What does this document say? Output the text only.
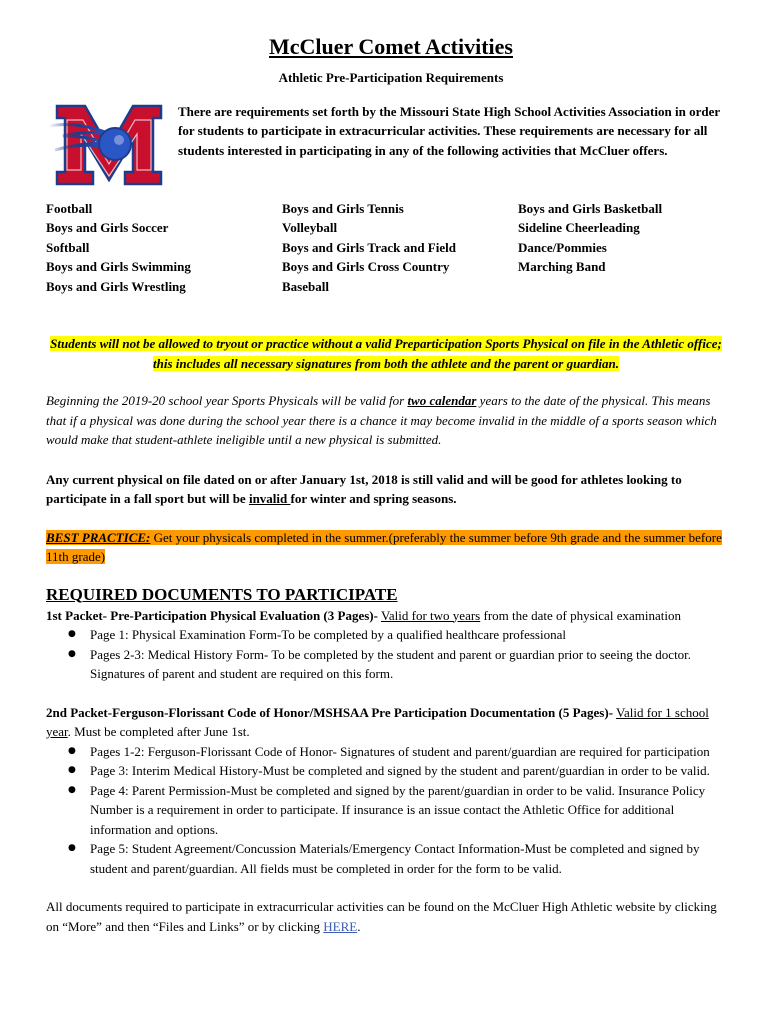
McCluer Comet Activities

Athletic Pre-Participation Requirements

There are requirements set forth by the Missouri State High School Activities Association in order for students to participate in extracurricular activities. These requirements are necessary for all students interested in participating in any of the following activities that McCluer offers.

Football
Boys and Girls Soccer
Softball
Boys and Girls Swimming
Boys and Girls Wrestling
Boys and Girls Tennis
Volleyball
Boys and Girls Track and Field
Boys and Girls Cross Country
Baseball
Boys and Girls Basketball
Sideline Cheerleading
Dance/Pommies
Marching Band

Students will not be allowed to tryout or practice without a valid Preparticipation Sports Physical on file in the Athletic office; this includes all necessary signatures from both the athlete and the parent or guardian.

Beginning the 2019-20 school year Sports Physicals will be valid for two calendar years to the date of the physical. This means that if a physical was done during the school year there is a chance it may become invalid in the middle of a sports season which would make that student-athlete ineligible until a new physical is submitted.

Any current physical on file dated on or after January 1st, 2018 is still valid and will be good for athletes looking to participate in a fall sport but will be invalid for winter and spring seasons.

BEST PRACTICE: Get your physicals completed in the summer.(preferably the summer before 9th grade and the summer before 11th grade)

REQUIRED DOCUMENTS TO PARTICIPATE
1st Packet- Pre-Participation Physical Evaluation (3 Pages)- Valid for two years from the date of physical examination
● Page 1: Physical Examination Form-To be completed by a qualified healthcare professional
● Pages 2-3: Medical History Form- To be completed by the student and parent or guardian prior to seeing the doctor. Signatures of parent and student are required on this form.
2nd Packet-Ferguson-Florissant Code of Honor/MSHSAA Pre Participation Documentation (5 Pages)- Valid for 1 school year. Must be completed after June 1st.
● Pages 1-2: Ferguson-Florissant Code of Honor- Signatures of student and parent/guardian are required for participation
● Page 3: Interim Medical History-Must be completed and signed by the student and parent/guardian in order to be valid.
● Page 4: Parent Permission-Must be completed and signed by the parent/guardian in order to be valid. Insurance Policy Number is a requirement in order to participate. If insurance is an issue contact the Athletic Office for additional information and options.
● Page 5: Student Agreement/Concussion Materials/Emergency Contact Information-Must be completed and signed by student and parent/guardian. All fields must be completed in order for the form to be valid.

All documents required to participate in extracurricular activities can be found on the McCluer High Athletic website by clicking on “More” and then “Files and Links” or by clicking HERE.
